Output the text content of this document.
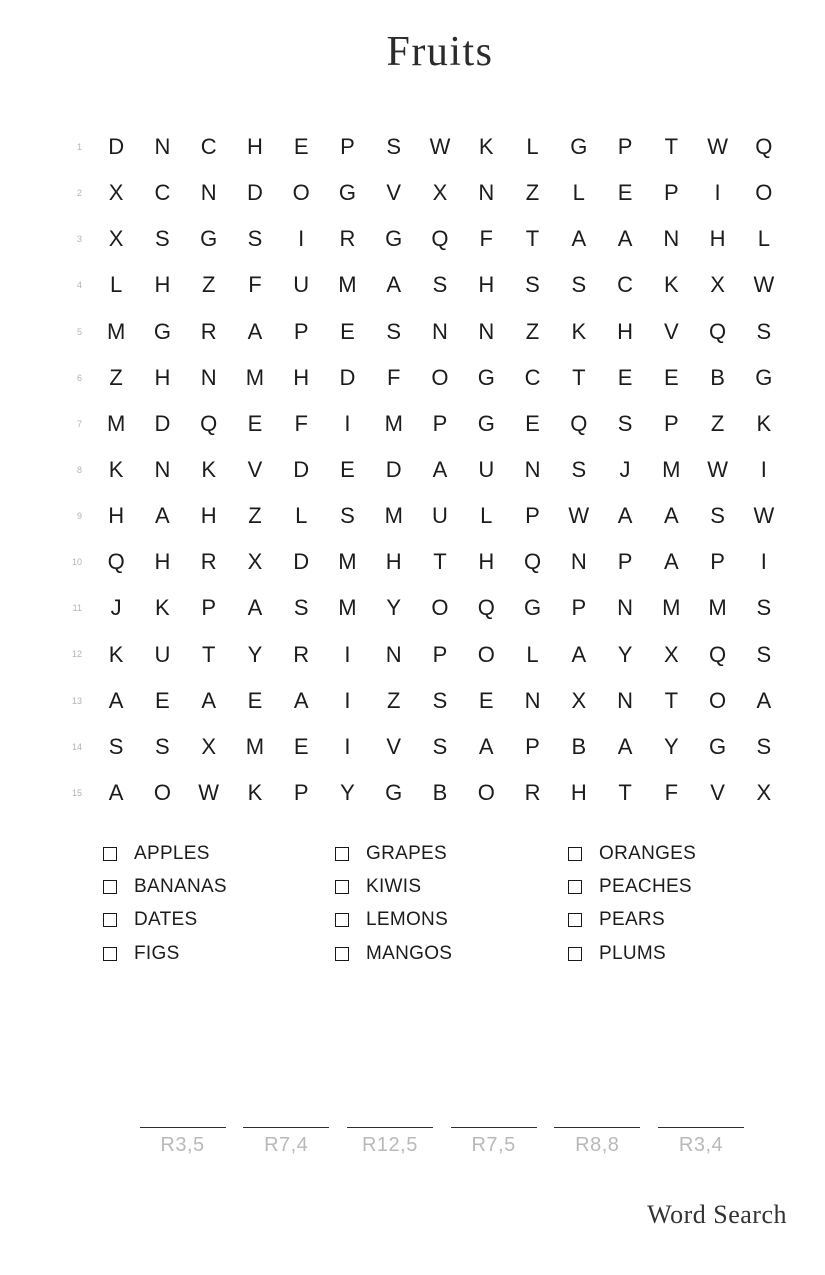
Fruits
1
2
3
4
5
6
7
8
9
10
11
12
13
14
15
D	N	C	H	E	P	S	W	K	L	G	P	T	W	Q
X	C	N	D	O	G	V	X	N	Z	L	E	P	I	O
X	S	G	S	I	R	G	Q	F	T	A	A	N	H	L
L	H	Z	F	U	M	A	S	H	S	S	C	K	X	W
M	G	R	A	P	E	S	N	N	Z	K	H	V	Q	S
Z	H	N	M	H	D	F	O	G	C	T	E	E	B	G
M	D	Q	E	F	I	M	P	G	E	Q	S	P	Z	K
K	N	K	V	D	E	D	A	U	N	S	J	M	W	I
H	A	H	Z	L	S	M	U	L	P	W	A	A	S	W
Q	H	R	X	D	M	H	T	H	Q	N	P	A	P	I
J	K	P	A	S	M	Y	O	Q	G	P	N	M	M	S
K	U	T	Y	R	I	N	P	O	L	A	Y	X	Q	S
A	E	A	E	A	I	Z	S	E	N	X	N	T	O	A
S	S	X	M	E	I	V	S	A	P	B	A	Y	G	S
A	O	W	K	P	Y	G	B	O	R	H	T	F	V	X
APPLES
BANANAS
DATES
FIGS
GRAPES
KIWIS
LEMONS
MANGOS
ORANGES
PEACHES
PEARS
PLUMS
R3,5	R7,4	R12,5	R7,5	R8,8	R3,4
Word Search
